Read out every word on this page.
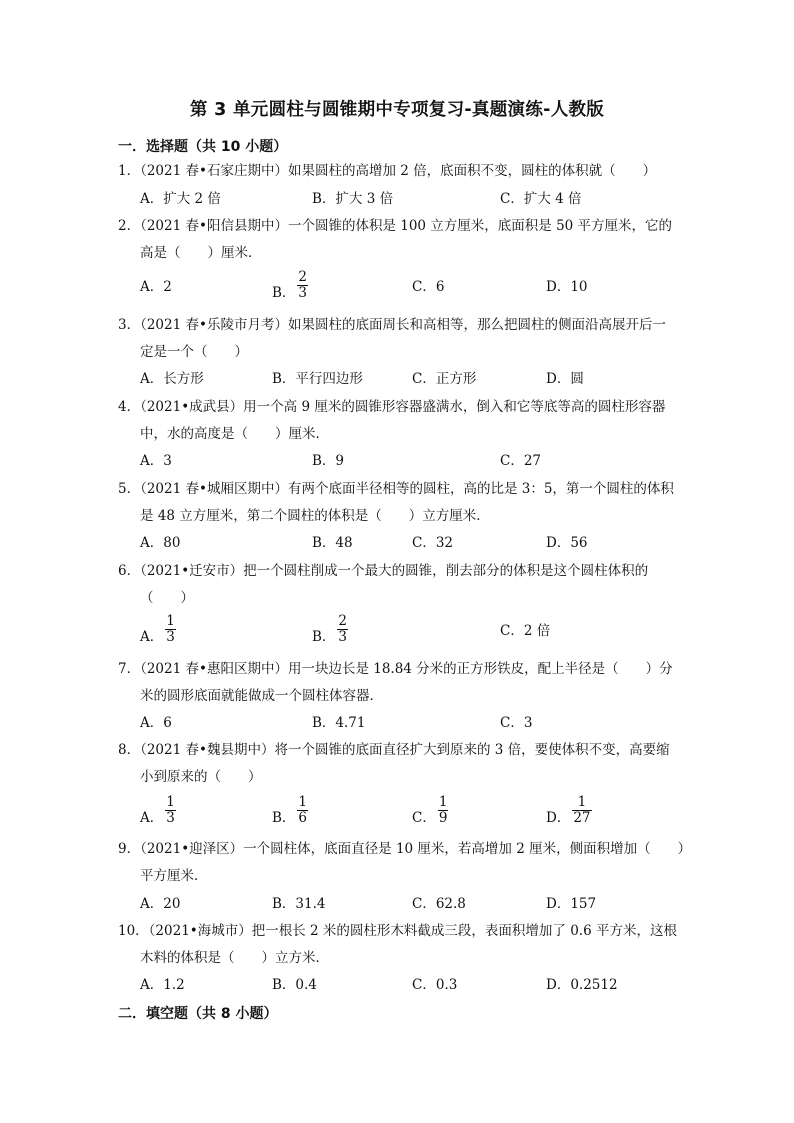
第 3 单元圆柱与圆锥期中专项复习-真题演练-人教版
一．选择题（共 10 小题）
1．（2021 春•石家庄期中）如果圆柱的高增加 2 倍，底面积不变，圆柱的体积就（　　）
A．扩大 2 倍	B．扩大 3 倍	C．扩大 4 倍
2．（2021 春•阳信县期中）一个圆锥的体积是 100 立方厘米，底面积是 50 平方厘米，它的
高是（　　）厘米．
A．2	B． $\frac{2}{3}$	C．6	D．10
3．（2021 春•乐陵市月考）如果圆柱的底面周长和高相等，那么把圆柱的侧面沿高展开后一
定是一个（　　）
A．长方形	B．平行四边形	C．正方形	D．圆
4．（2021•成武县）用一个高 9 厘米的圆锥形容器盛满水，倒入和它等底等高的圆柱形容器
中，水的高度是（　　）厘米．
A．3	B．9	C．27
5．（2021 春•城厢区期中）有两个底面半径相等的圆柱，高的比是 3：5，第一个圆柱的体积
是 48 立方厘米，第二个圆柱的体积是（　　）立方厘米．
A．80	B．48	C．32	D．56
6．（2021•迁安市）把一个圆柱削成一个最大的圆锥，削去部分的体积是这个圆柱体积的
（　　）
A． $\frac{1}{3}$	B． $\frac{2}{3}$	C．2 倍
7．（2021 春•惠阳区期中）用一块边长是 18.84 分米的正方形铁皮，配上半径是（　　）分
米的圆形底面就能做成一个圆柱体容器．
A．6	B．4.71	C．3
8．（2021 春•魏县期中）将一个圆锥的底面直径扩大到原来的 3 倍，要使体积不变，高要缩
小到原来的（　　）
A． $\frac{1}{3}$	B． $\frac{1}{6}$	C． $\frac{1}{9}$	D． $\frac{1}{27}$
9．（2021•迎泽区）一个圆柱体，底面直径是 10 厘米，若高增加 2 厘米，侧面积增加（　　）
平方厘米．
A．20	B．31.4	C．62.8	D．157
10．（2021•海城市）把一根长 2 米的圆柱形木料截成三段，表面积增加了 0.6 平方米，这根
木料的体积是（　　）立方米．
A．1.2	B．0.4	C．0.3	D．0.2512
二．填空题（共 8 小题）
